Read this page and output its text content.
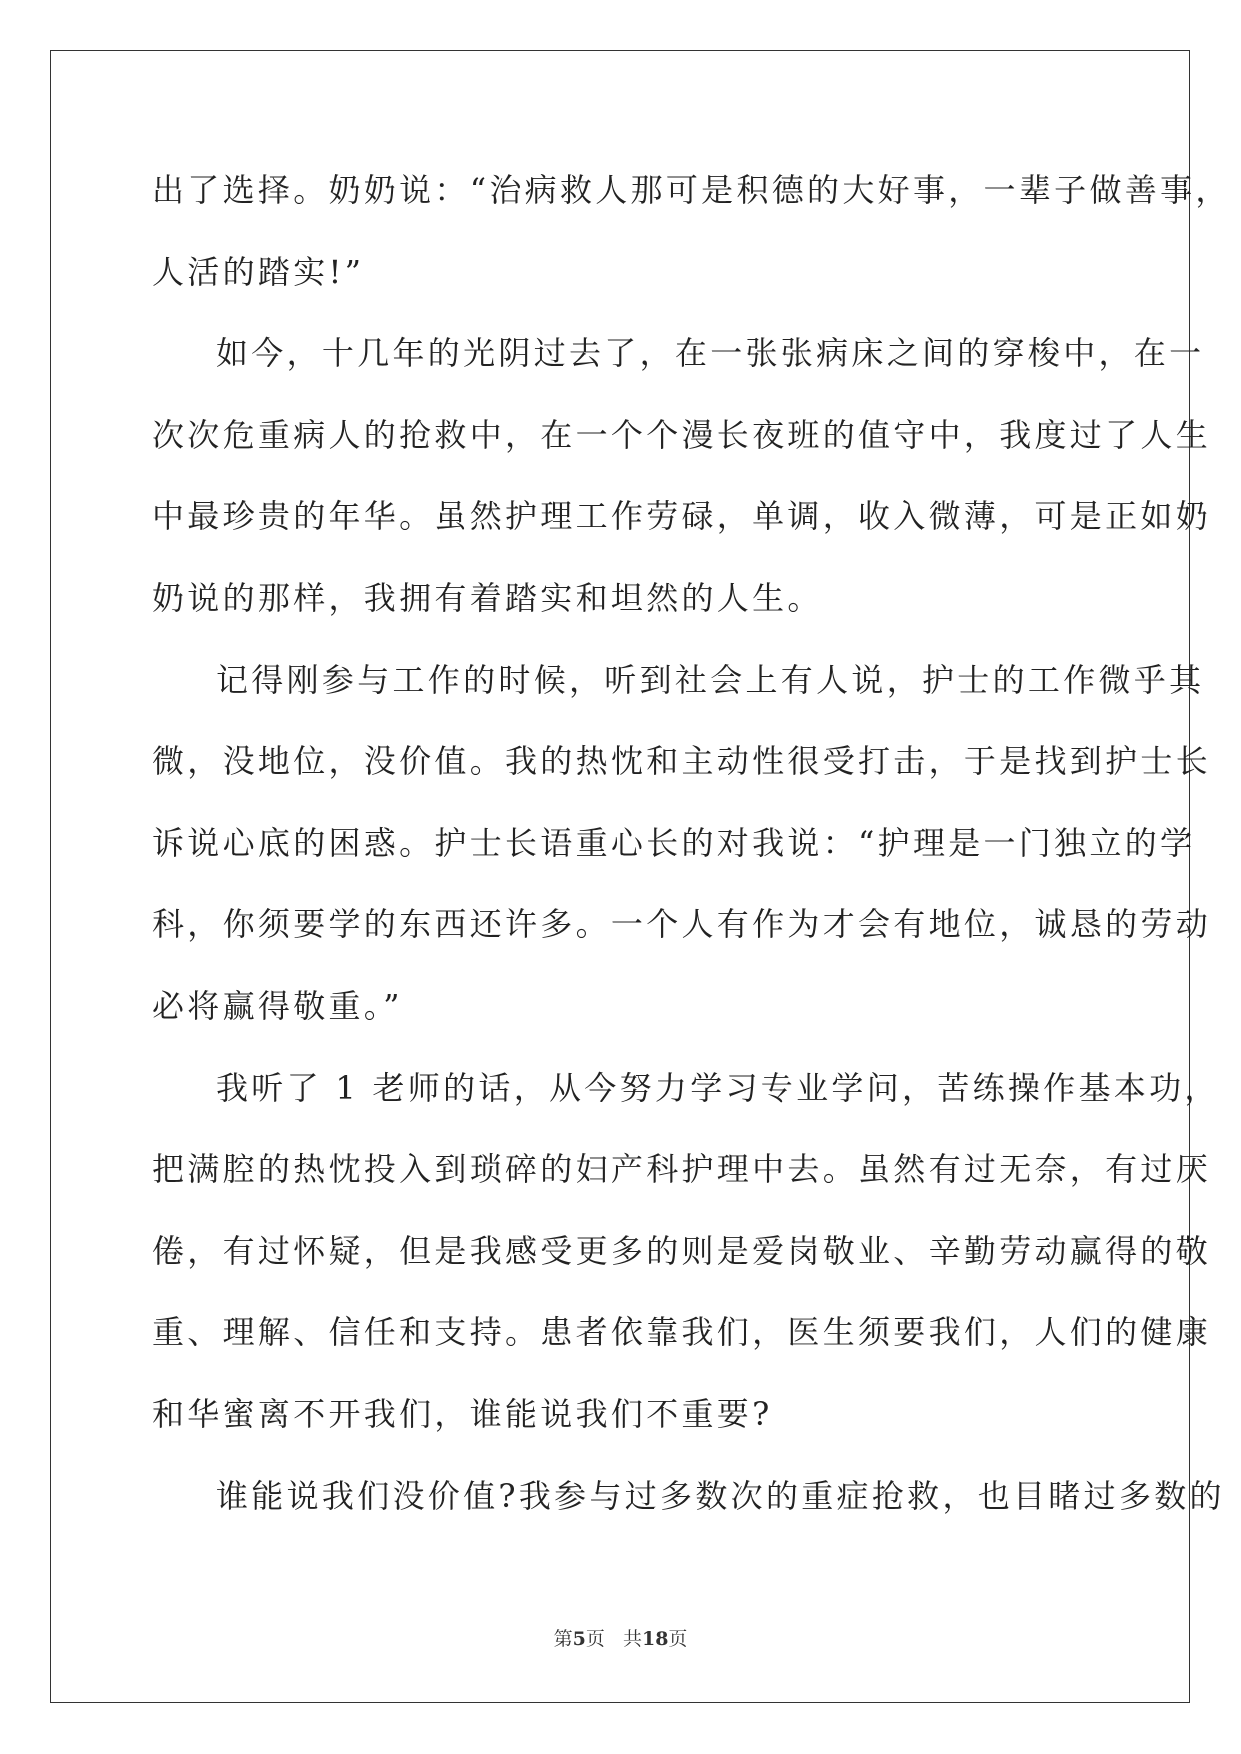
出了选择。奶奶说：“治病救人那可是积德的大好事，一辈子做善事，
人活的踏实!”
如今，十几年的光阴过去了，在一张张病床之间的穿梭中，在一
次次危重病人的抢救中，在一个个漫长夜班的值守中，我度过了人生
中最珍贵的年华。虽然护理工作劳碌，单调，收入微薄，可是正如奶
奶说的那样，我拥有着踏实和坦然的人生。
记得刚参与工作的时候，听到社会上有人说，护士的工作微乎其
微，没地位，没价值。我的热忱和主动性很受打击，于是找到护士长
诉说心底的困惑。护士长语重心长的对我说：“护理是一门独立的学
科，你须要学的东西还许多。一个人有作为才会有地位，诚恳的劳动
必将赢得敬重。”
我听了 1 老师的话，从今努力学习专业学问，苦练操作基本功，
把满腔的热忱投入到琐碎的妇产科护理中去。虽然有过无奈，有过厌
倦，有过怀疑，但是我感受更多的则是爱岗敬业、辛勤劳动赢得的敬
重、理解、信任和支持。患者依靠我们，医生须要我们，人们的健康
和华蜜离不开我们，谁能说我们不重要?
谁能说我们没价值?我参与过多数次的重症抢救，也目睹过多数的
第5页 共18页
